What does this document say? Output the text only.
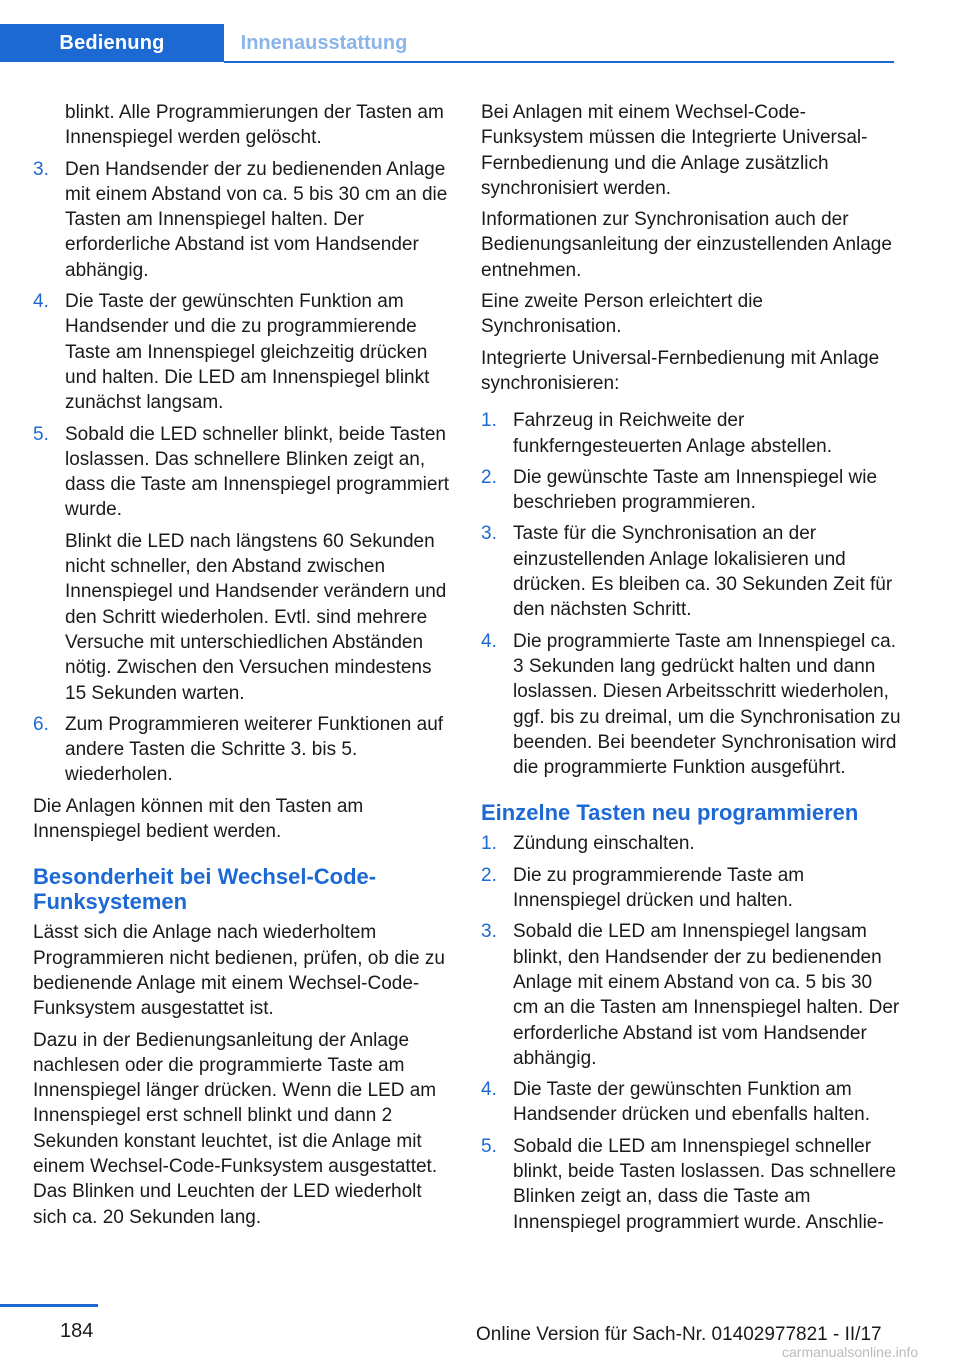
Bedienung	Innenausstattung

blinkt. Alle Programmierungen der Tasten am Innenspiegel werden gelöscht.

3. Den Handsender der zu bedienenden Anlage mit einem Abstand von ca. 5 bis 30 cm an die Tasten am Innenspiegel halten. Der erforderliche Abstand ist vom Handsender abhängig.
4. Die Taste der gewünschten Funktion am Handsender und die zu programmierende Taste am Innenspiegel gleichzeitig drücken und halten. Die LED am Innenspiegel blinkt zunächst langsam.
5. Sobald die LED schneller blinkt, beide Tasten loslassen. Das schnellere Blinken zeigt an, dass die Taste am Innenspiegel programmiert wurde.
Blinkt die LED nach längstens 60 Sekunden nicht schneller, den Abstand zwischen Innenspiegel und Handsender verändern und den Schritt wiederholen. Evtl. sind mehrere Versuche mit unterschiedlichen Abständen nötig. Zwischen den Versuchen mindestens 15 Sekunden warten.
6. Zum Programmieren weiterer Funktionen auf andere Tasten die Schritte 3. bis 5. wiederholen.

Die Anlagen können mit den Tasten am Innenspiegel bedient werden.

Besonderheit bei Wechsel-Code-Funksystemen

Lässt sich die Anlage nach wiederholtem Programmieren nicht bedienen, prüfen, ob die zu bedienende Anlage mit einem Wechsel-Code-Funksystem ausgestattet ist.

Dazu in der Bedienungsanleitung der Anlage nachlesen oder die programmierte Taste am Innenspiegel länger drücken. Wenn die LED am Innenspiegel erst schnell blinkt und dann 2 Sekunden konstant leuchtet, ist die Anlage mit einem Wechsel-Code-Funksystem ausgestattet. Das Blinken und Leuchten der LED wiederholt sich ca. 20 Sekunden lang.

Bei Anlagen mit einem Wechsel-Code-Funksystem müssen die Integrierte Universal-Fernbedienung und die Anlage zusätzlich synchronisiert werden.

Informationen zur Synchronisation auch der Bedienungsanleitung der einzustellenden Anlage entnehmen.

Eine zweite Person erleichtert die Synchronisation.

Integrierte Universal-Fernbedienung mit Anlage synchronisieren:

1. Fahrzeug in Reichweite der funkferngesteuerten Anlage abstellen.
2. Die gewünschte Taste am Innenspiegel wie beschrieben programmieren.
3. Taste für die Synchronisation an der einzustellenden Anlage lokalisieren und drücken. Es bleiben ca. 30 Sekunden Zeit für den nächsten Schritt.
4. Die programmierte Taste am Innenspiegel ca. 3 Sekunden lang gedrückt halten und dann loslassen. Diesen Arbeitsschritt wiederholen, ggf. bis zu dreimal, um die Synchronisation zu beenden. Bei beendeter Synchronisation wird die programmierte Funktion ausgeführt.
Einzelne Tasten neu programmieren
1. Zündung einschalten.
2. Die zu programmierende Taste am Innenspiegel drücken und halten.
3. Sobald die LED am Innenspiegel langsam blinkt, den Handsender der zu bedienenden Anlage mit einem Abstand von ca. 5 bis 30 cm an die Tasten am Innenspiegel halten. Der erforderliche Abstand ist vom Handsender abhängig.
4. Die Taste der gewünschten Funktion am Handsender drücken und ebenfalls halten.
5. Sobald die LED am Innenspiegel schneller blinkt, beide Tasten loslassen. Das schnellere Blinken zeigt an, dass die Taste am Innenspiegel programmiert wurde. Anschlie-
184	Online Version für Sach-Nr. 01402977821 - II/17
carmanualsonline.info
